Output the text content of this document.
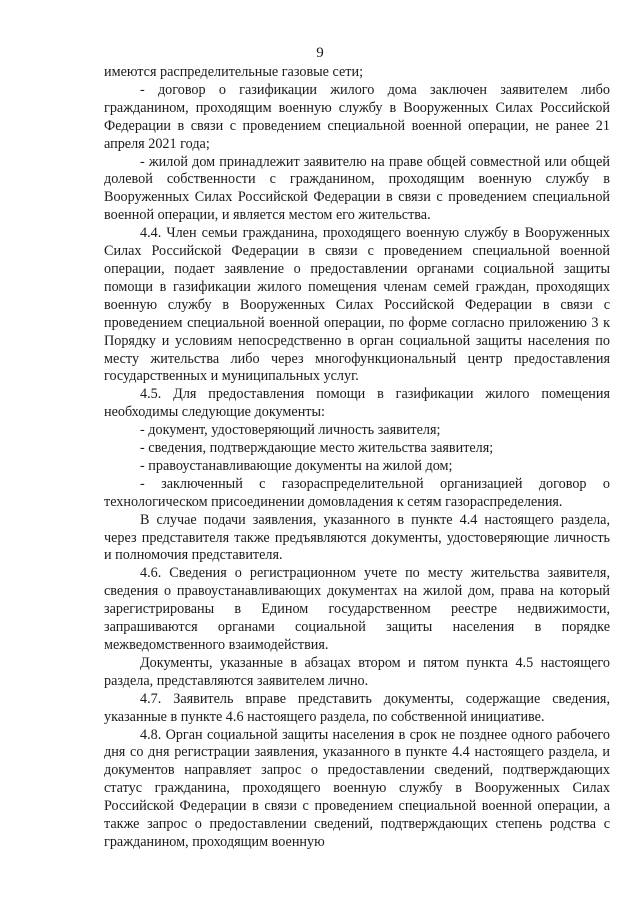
9

имеются распределительные газовые сети;

- договор о газификации жилого дома заключен заявителем либо гражданином, проходящим военную службу в Вооруженных Силах Российской Федерации в связи с проведением специальной военной операции, не ранее 21 апреля 2021 года;

- жилой дом принадлежит заявителю на праве общей совместной или общей долевой собственности с гражданином, проходящим военную службу в Вооруженных Силах Российской Федерации в связи с проведением специальной военной операции, и является местом его жительства.

4.4. Член семьи гражданина, проходящего военную службу в Вооруженных Силах Российской Федерации в связи с проведением специальной военной операции, подает заявление о предоставлении органами социальной защиты помощи в газификации жилого помещения членам семей граждан, проходящих военную службу в Вооруженных Силах Российской Федерации в связи с проведением специальной военной операции, по форме согласно приложению 3 к Порядку и условиям непосредственно в орган социальной защиты населения по месту жительства либо через многофункциональный центр предоставления государственных и муниципальных услуг.

4.5. Для предоставления помощи в газификации жилого помещения необходимы следующие документы:

- документ, удостоверяющий личность заявителя;

- сведения, подтверждающие место жительства заявителя;

- правоустанавливающие документы на жилой дом;

- заключенный с газораспределительной организацией договор о технологическом присоединении домовладения к сетям газораспределения.

В случае подачи заявления, указанного в пункте 4.4 настоящего раздела, через представителя также предъявляются документы, удостоверяющие личность и полномочия представителя.

4.6. Сведения о регистрационном учете по месту жительства заявителя, сведения о правоустанавливающих документах на жилой дом, права на который зарегистрированы в Едином государственном реестре недвижимости, запрашиваются органами социальной защиты населения в порядке межведомственного взаимодействия.

Документы, указанные в абзацах втором и пятом пункта 4.5 настоящего раздела, представляются заявителем лично.

4.7. Заявитель вправе представить документы, содержащие сведения, указанные в пункте 4.6 настоящего раздела, по собственной инициативе.

4.8. Орган социальной защиты населения в срок не позднее одного рабочего дня со дня регистрации заявления, указанного в пункте 4.4 настоящего раздела, и документов направляет запрос о предоставлении сведений, подтверждающих статус гражданина, проходящего военную службу в Вооруженных Силах Российской Федерации в связи с проведением специальной военной операции, а также запрос о предоставлении сведений, подтверждающих степень родства с гражданином, проходящим военную
